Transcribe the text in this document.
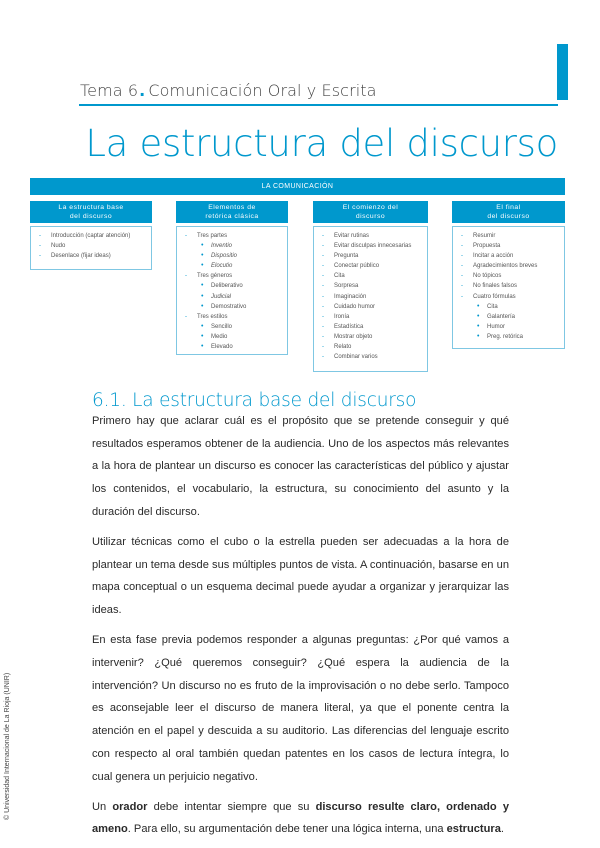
Tema 6. Comunicación Oral y Escrita
La estructura del discurso
LA COMUNICACIÓN
La estructura base
del discurso
- Introducción (captar atención)
- Nudo
- Desenlace (fijar ideas)
Elementos de
retórica clásica
- Tres partes
• Inventio
• Dispositio
• Elocutio
- Tres géneros
• Deliberativo
• Judicial
• Demostrativo
- Tres estilos
• Sencillo
• Medio
• Elevado
El comienzo del
discurso
- Evitar rutinas
- Evitar disculpas innecesarias
- Pregunta
- Conectar público
- Cita
- Sorpresa
- Imaginación
- Cuidado humor
- Ironía
- Estadística
- Mostrar objeto
- Relato
- Combinar varios
El final
del discurso
- Resumir
- Propuesta
- Incitar a acción
- Agradecimientos breves
- No tópicos
- No finales falsos
- Cuatro fórmulas
• Cita
• Galantería
• Humor
• Preg. retórica
6.1. La estructura base del discurso

Primero hay que aclarar cuál es el propósito que se pretende conseguir y qué resultados esperamos obtener de la audiencia. Uno de los aspectos más relevantes a la hora de plantear un discurso es conocer las características del público y ajustar los contenidos, el vocabulario, la estructura, su conocimiento del asunto y la duración del discurso.

Utilizar técnicas como el cubo o la estrella pueden ser adecuadas a la hora de plantear un tema desde sus múltiples puntos de vista. A continuación, basarse en un mapa conceptual o un esquema decimal puede ayudar a organizar y jerarquizar las ideas.

En esta fase previa podemos responder a algunas preguntas: ¿Por qué vamos a intervenir? ¿Qué queremos conseguir? ¿Qué espera la audiencia de la intervención? Un discurso no es fruto de la improvisación o no debe serlo. Tampoco es aconsejable leer el discurso de manera literal, ya que el ponente centra la atención en el papel y descuida a su auditorio. Las diferencias del lenguaje escrito con respecto al oral también quedan patentes en los casos de lectura íntegra, lo cual genera un perjuicio negativo.

Un orador debe intentar siempre que su discurso resulte claro, ordenado y ameno. Para ello, su argumentación debe tener una lógica interna, una estructura.

© Universidad Internacional de La Rioja (UNIR)
